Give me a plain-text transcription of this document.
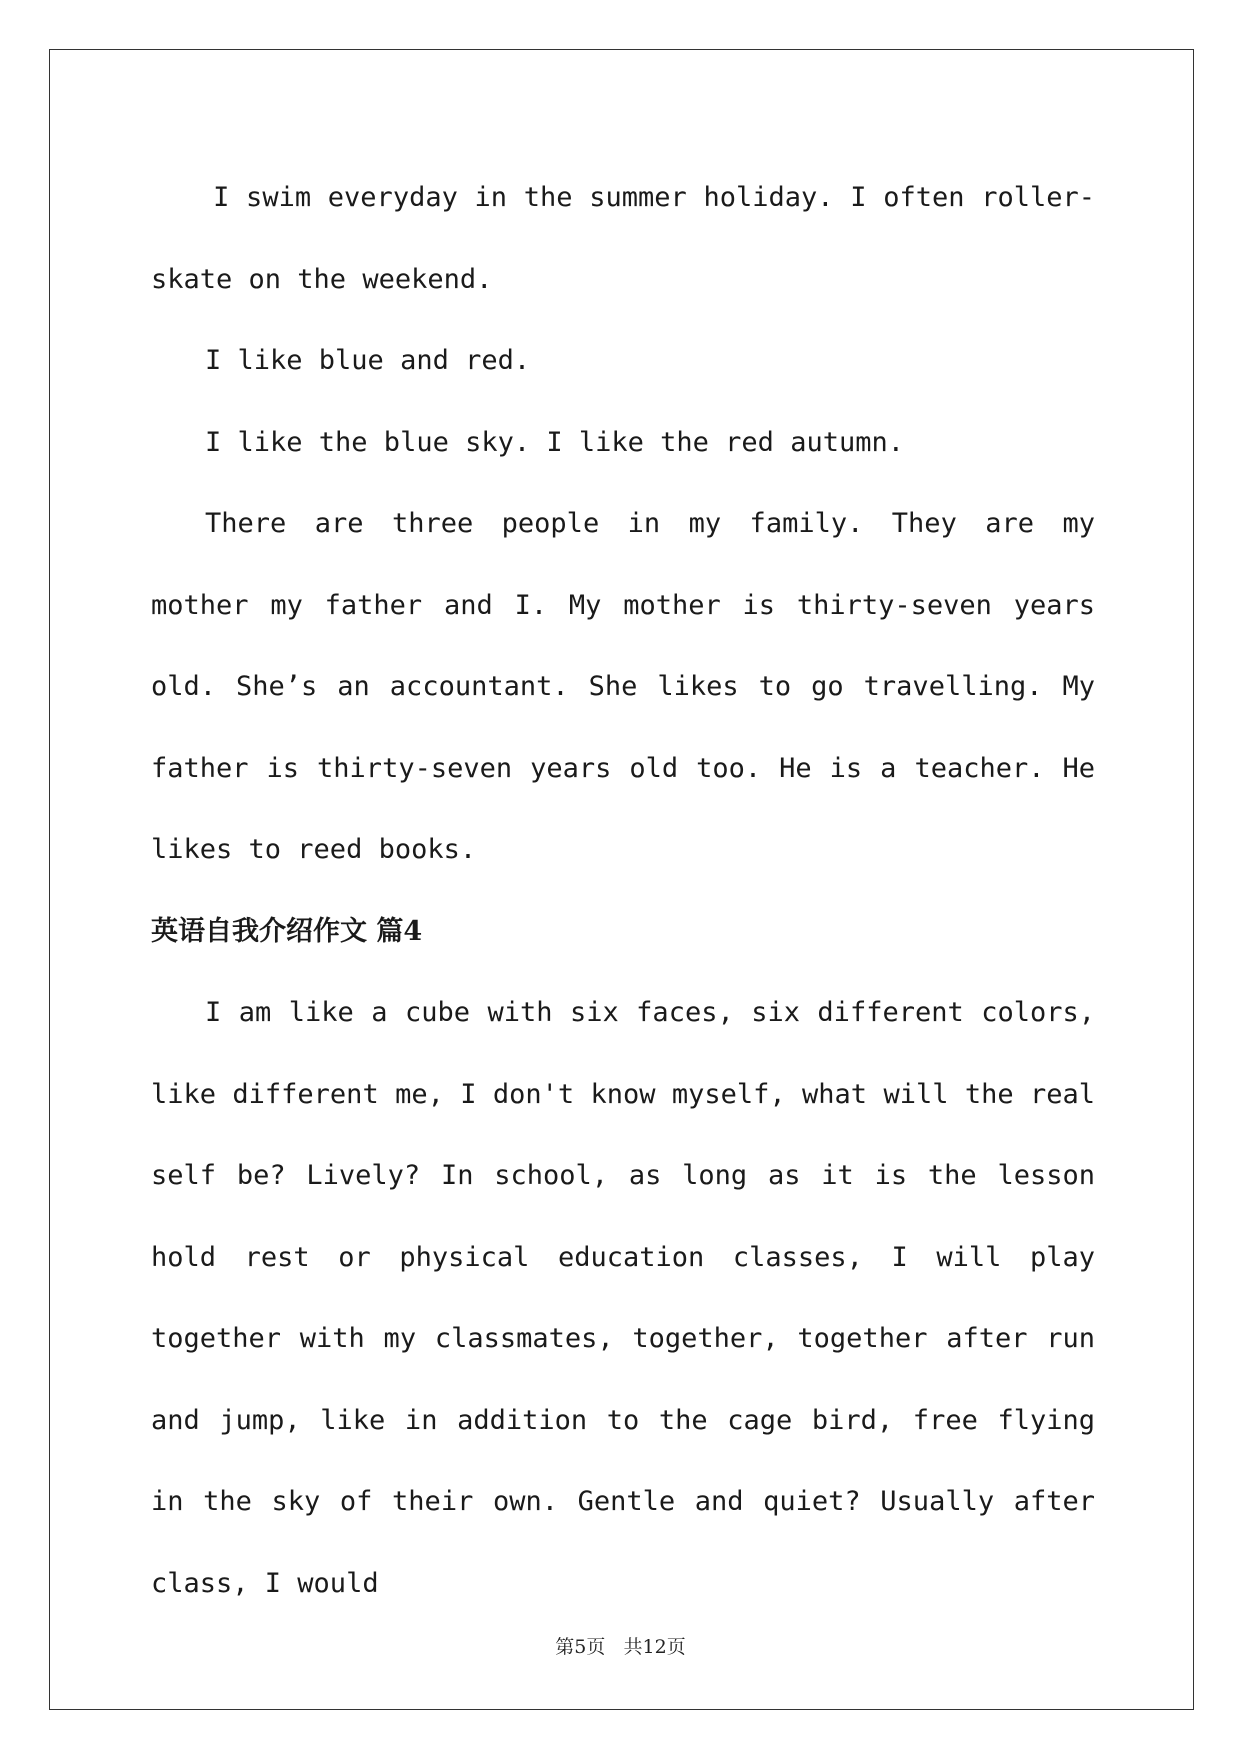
I swim everyday in the summer holiday. I often roller-skate on the weekend.

I like blue and red.

I like the blue sky. I like the red autumn.

There are three people in my family. They are my mother my father and I. My mother is thirty-seven years old. She’s an accountant. She likes to go travelling. My father is thirty-seven years old too. He is a teacher. He likes to reed books.

英语自我介绍作文 篇4

I am like a cube with six faces, six different colors, like different me, I don't know myself, what will the real self be? Lively? In school, as long as it is the lesson hold rest or physical education classes, I will play together with my classmates, together, together after run and jump, like in addition to the cage bird, free flying in the sky of their own. Gentle and quiet? Usually after class, I would

第5页 共12页
